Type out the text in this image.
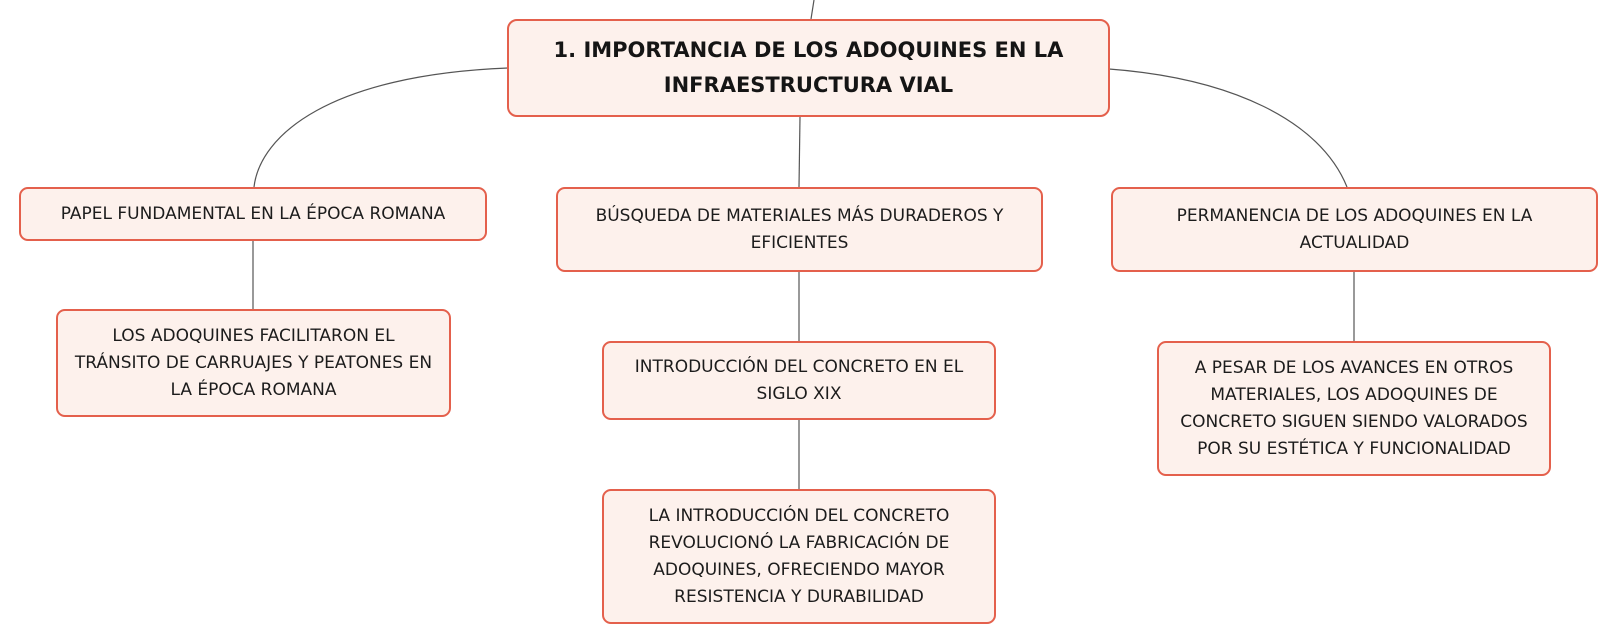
1. IMPORTANCIA DE LOS ADOQUINES EN LA INFRAESTRUCTURA VIAL
PAPEL FUNDAMENTAL EN LA ÉPOCA ROMANA
LOS ADOQUINES FACILITARON EL TRÁNSITO DE CARRUAJES Y PEATONES EN LA ÉPOCA ROMANA
BÚSQUEDA DE MATERIALES MÁS DURADEROS Y EFICIENTES
INTRODUCCIÓN DEL CONCRETO EN EL SIGLO XIX
LA INTRODUCCIÓN DEL CONCRETO REVOLUCIONÓ LA FABRICACIÓN DE ADOQUINES, OFRECIENDO MAYOR RESISTENCIA Y DURABILIDAD
PERMANENCIA DE LOS ADOQUINES EN LA ACTUALIDAD
A PESAR DE LOS AVANCES EN OTROS MATERIALES, LOS ADOQUINES DE CONCRETO SIGUEN SIENDO VALORADOS POR SU ESTÉTICA Y FUNCIONALIDAD
